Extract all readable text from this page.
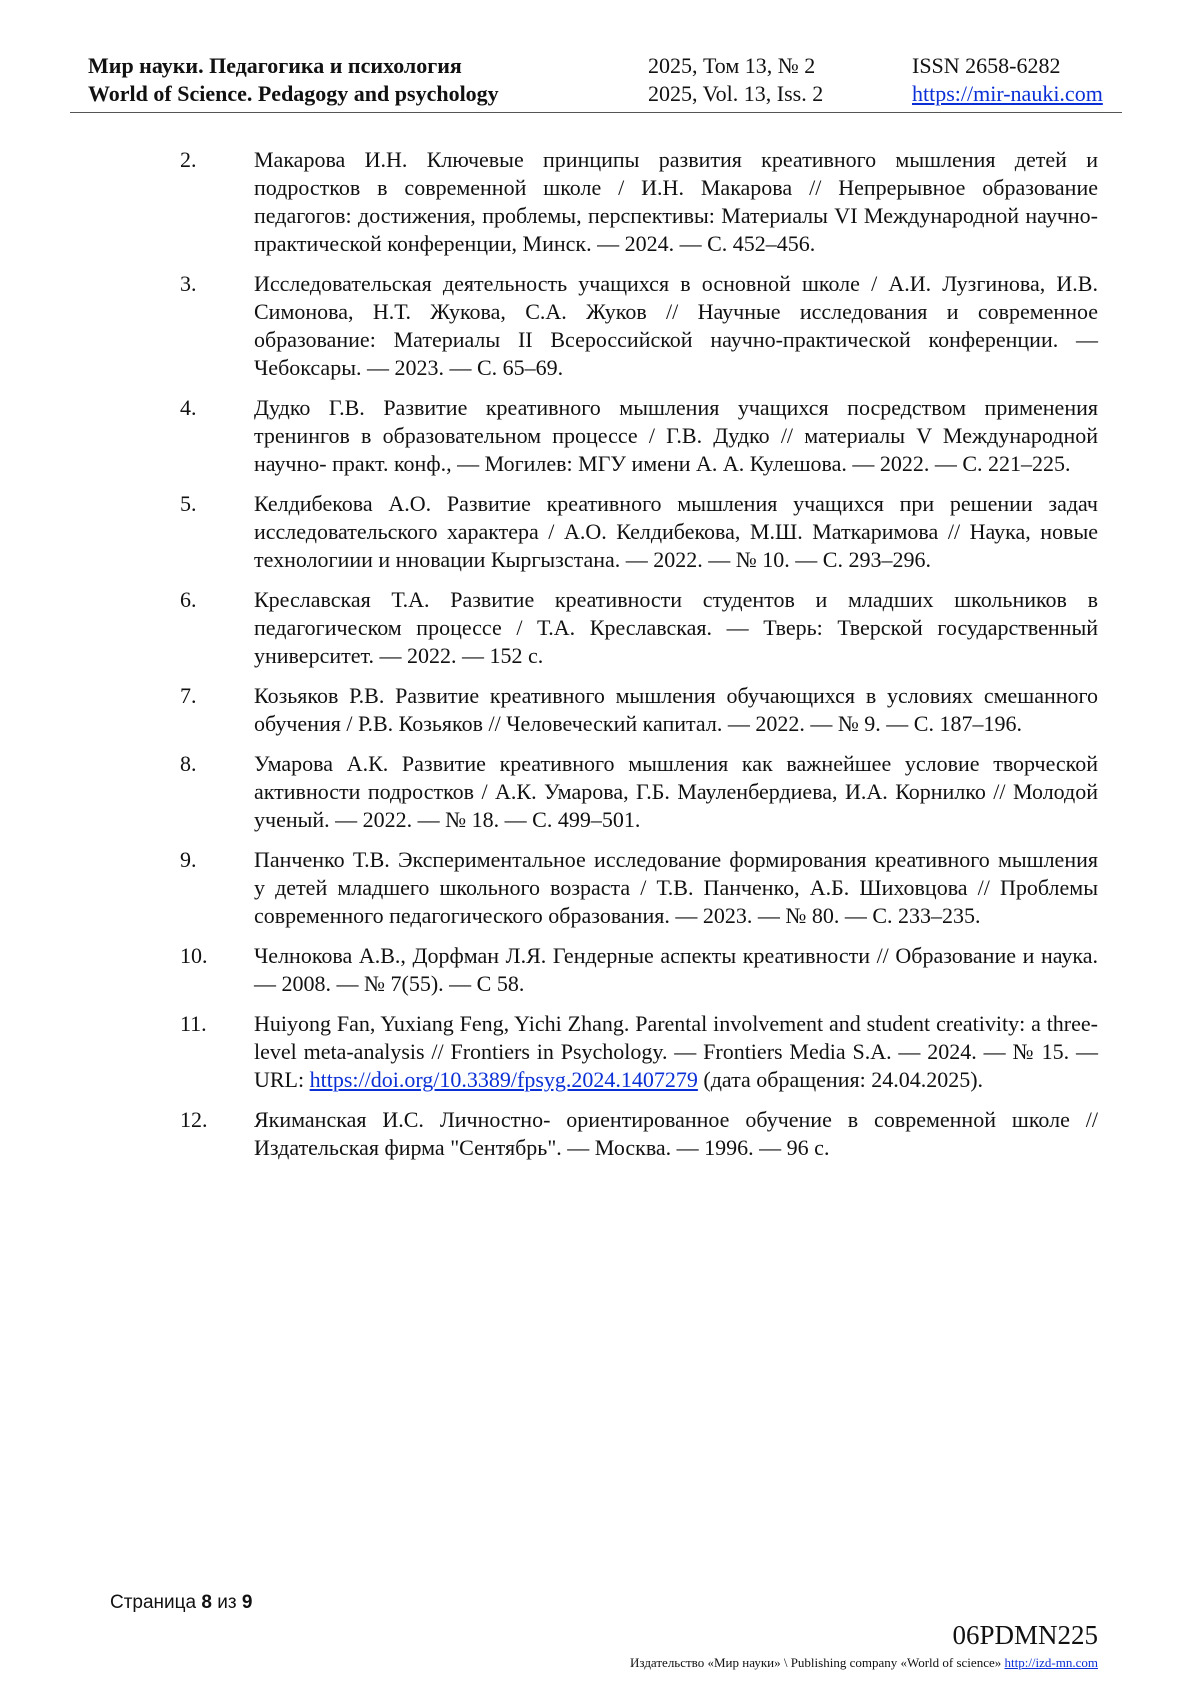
Мир науки. Педагогика и психология	2025, Том 13, № 2	ISSN 2658-6282
World of Science. Pedagogy and psychology	2025, Vol. 13, Iss. 2	https://mir-nauki.com
2.	Макарова И.Н. Ключевые принципы развития креативного мышления детей и подростков в современной школе / И.Н. Макарова // Непрерывное образование педагогов: достижения, проблемы, перспективы: Материалы VI Международной научно-практической конференции, Минск. — 2024. — С. 452–456.
3.	Исследовательская деятельность учащихся в основной школе / А.И. Лузгинова, И.В. Симонова, Н.Т. Жукова, С.А. Жуков // Научные исследования и современное образование: Материалы II Всероссийской научно-практической конференции. — Чебоксары. — 2023. — С. 65–69.
4.	Дудко Г.В. Развитие креативного мышления учащихся посредством применения тренингов в образовательном процессе / Г.В. Дудко // материалы V Международной научно- практ. конф., — Могилев: МГУ имени А. А. Кулешова. — 2022. — С. 221–225.
5.	Келдибекова А.О. Развитие креативного мышления учащихся при решении задач исследовательского характера / А.О. Келдибекова, М.Ш. Маткаримова // Наука, новые технологиии и нновации Кыргызстана. — 2022. — № 10. — С. 293–296.
6.	Креславская Т.А. Развитие креативности студентов и младших школьников в педагогическом процессе / Т.А. Креславская. — Тверь: Тверской государственный университет. — 2022. — 152 с.
7.	Козьяков Р.В. Развитие креативного мышления обучающихся в условиях смешанного обучения / Р.В. Козьяков // Человеческий капитал. — 2022. — № 9. — С. 187–196.
8.	Умарова А.К. Развитие креативного мышления как важнейшее условие творческой активности подростков / А.К. Умарова, Г.Б. Мауленбердиева, И.А. Корнилко // Молодой ученый. — 2022. — № 18. — С. 499–501.
9.	Панченко Т.В. Экспериментальное исследование формирования креативного мышления у детей младшего школьного возраста / Т.В. Панченко, А.Б. Шиховцова // Проблемы современного педагогического образования. — 2023. — № 80. — С. 233–235.
10. Челнокова А.В., Дорфман Л.Я. Гендерные аспекты креативности // Образование и наука. — 2008. — № 7(55). — С 58.
11. Huiyong Fan, Yuxiang Feng, Yichi Zhang. Parental involvement and student creativity: a three-level meta-analysis // Frontiers in Psychology. — Frontiers Media S.A. — 2024. — № 15. — URL: https://doi.org/10.3389/fpsyg.2024.1407279 (дата обращения: 24.04.2025).
12. Якиманская И.С. Личностно- ориентированное обучение в современной школе // Издательская фирма "Сентябрь". — Москва. — 1996. — 96 с.
Страница 8 из 9
06PDMN225
Издательство «Мир науки» \ Publishing company «World of science» http://izd-mn.com
